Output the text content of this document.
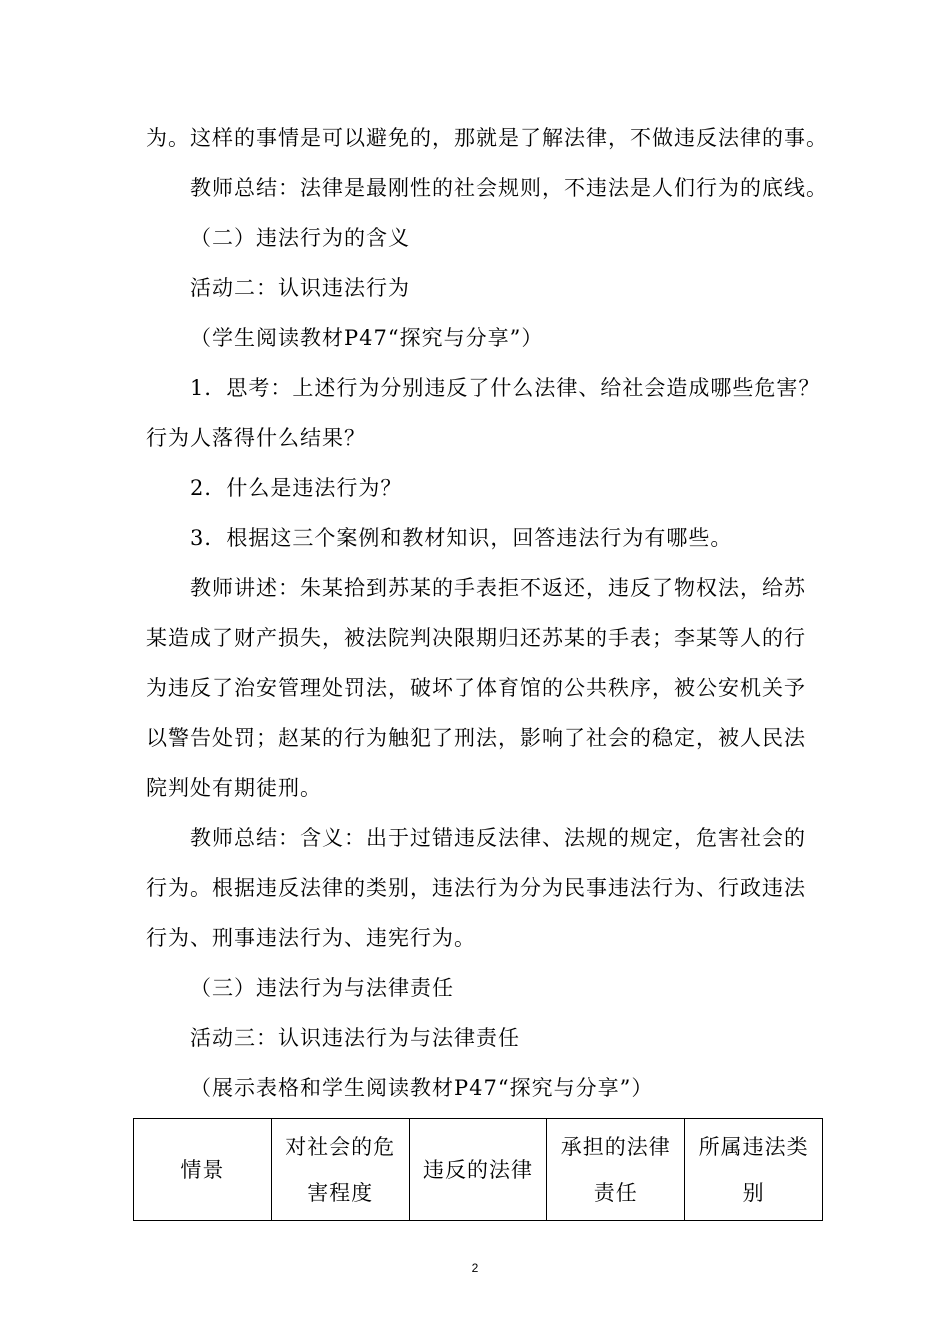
为。这样的事情是可以避免的，那就是了解法律，不做违反法律的事。
教师总结：法律是最刚性的社会规则，不违法是人们行为的底线。
（二）违法行为的含义
活动二：认识违法行为
（学生阅读教材P47“探究与分享”）
1．思考：上述行为分别违反了什么法律、给社会造成哪些危害？
行为人落得什么结果？
2．什么是违法行为？
3．根据这三个案例和教材知识，回答违法行为有哪些。
教师讲述：朱某拾到苏某的手表拒不返还，违反了物权法，给苏
某造成了财产损失，被法院判决限期归还苏某的手表；李某等人的行
为违反了治安管理处罚法，破坏了体育馆的公共秩序，被公安机关予
以警告处罚；赵某的行为触犯了刑法，影响了社会的稳定，被人民法
院判处有期徒刑。
教师总结：含义：出于过错违反法律、法规的规定，危害社会的
行为。根据违反法律的类别，违法行为分为民事违法行为、行政违法
行为、刑事违法行为、违宪行为。
（三）违法行为与法律责任
活动三：认识违法行为与法律责任
（展示表格和学生阅读教材P47“探究与分享”）
情景	对社会的危害程度	违反的法律	承担的法律责任	所属违法类别
2
